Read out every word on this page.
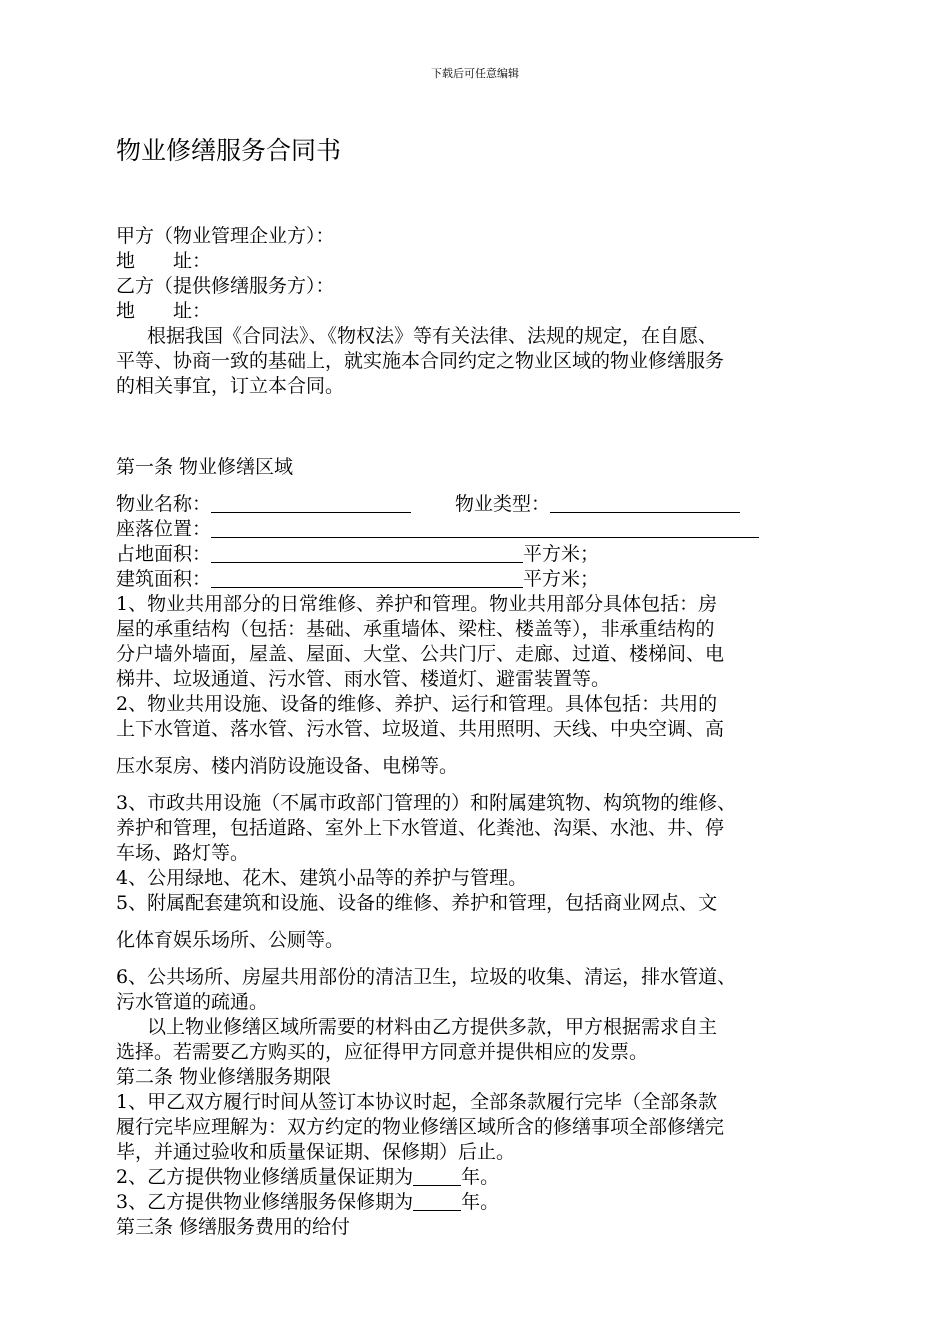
下载后可任意编辑
物业修缮服务合同书
甲方（物业管理企业方）：
地　　址：
乙方（提供修缮服务方）：
地　　址：
根据我国《合同法》、《物权法》等有关法律、法规的规定，在自愿、
平等、协商一致的基础上，就实施本合同约定之物业区域的物业修缮服务
的相关事宜，订立本合同。
第一条 物业修缮区域
物业名称：	物业类型：
座落位置：
占地面积：	平方米；
建筑面积：	平方米；
1、物业共用部分的日常维修、养护和管理。物业共用部分具体包括：房
屋的承重结构（包括：基础、承重墙体、梁柱、楼盖等），非承重结构的
分户墙外墙面，屋盖、屋面、大堂、公共门厅、走廊、过道、楼梯间、电
梯井、垃圾通道、污水管、雨水管、楼道灯、避雷装置等。
2、物业共用设施、设备的维修、养护、运行和管理。具体包括：共用的
上下水管道、落水管、污水管、垃圾道、共用照明、天线、中央空调、高
压水泵房、楼内消防设施设备、电梯等。
3、市政共用设施（不属市政部门管理的）和附属建筑物、构筑物的维修、
养护和管理，包括道路、室外上下水管道、化粪池、沟渠、水池、井、停
车场、路灯等。
4、公用绿地、花木、建筑小品等的养护与管理。
5、附属配套建筑和设施、设备的维修、养护和管理，包括商业网点、文
化体育娱乐场所、公厕等。
6、公共场所、房屋共用部份的清洁卫生，垃圾的收集、清运，排水管道、
污水管道的疏通。
以上物业修缮区域所需要的材料由乙方提供多款，甲方根据需求自主
选择。若需要乙方购买的，应征得甲方同意并提供相应的发票。
第二条 物业修缮服务期限
1、甲乙双方履行时间从签订本协议时起，全部条款履行完毕（全部条款
履行完毕应理解为：双方约定的物业修缮区域所含的修缮事项全部修缮完
毕，并通过验收和质量保证期、保修期）后止。
2、乙方提供物业修缮质量保证期为	年。
3、乙方提供物业修缮服务保修期为	年。
第三条 修缮服务费用的给付
